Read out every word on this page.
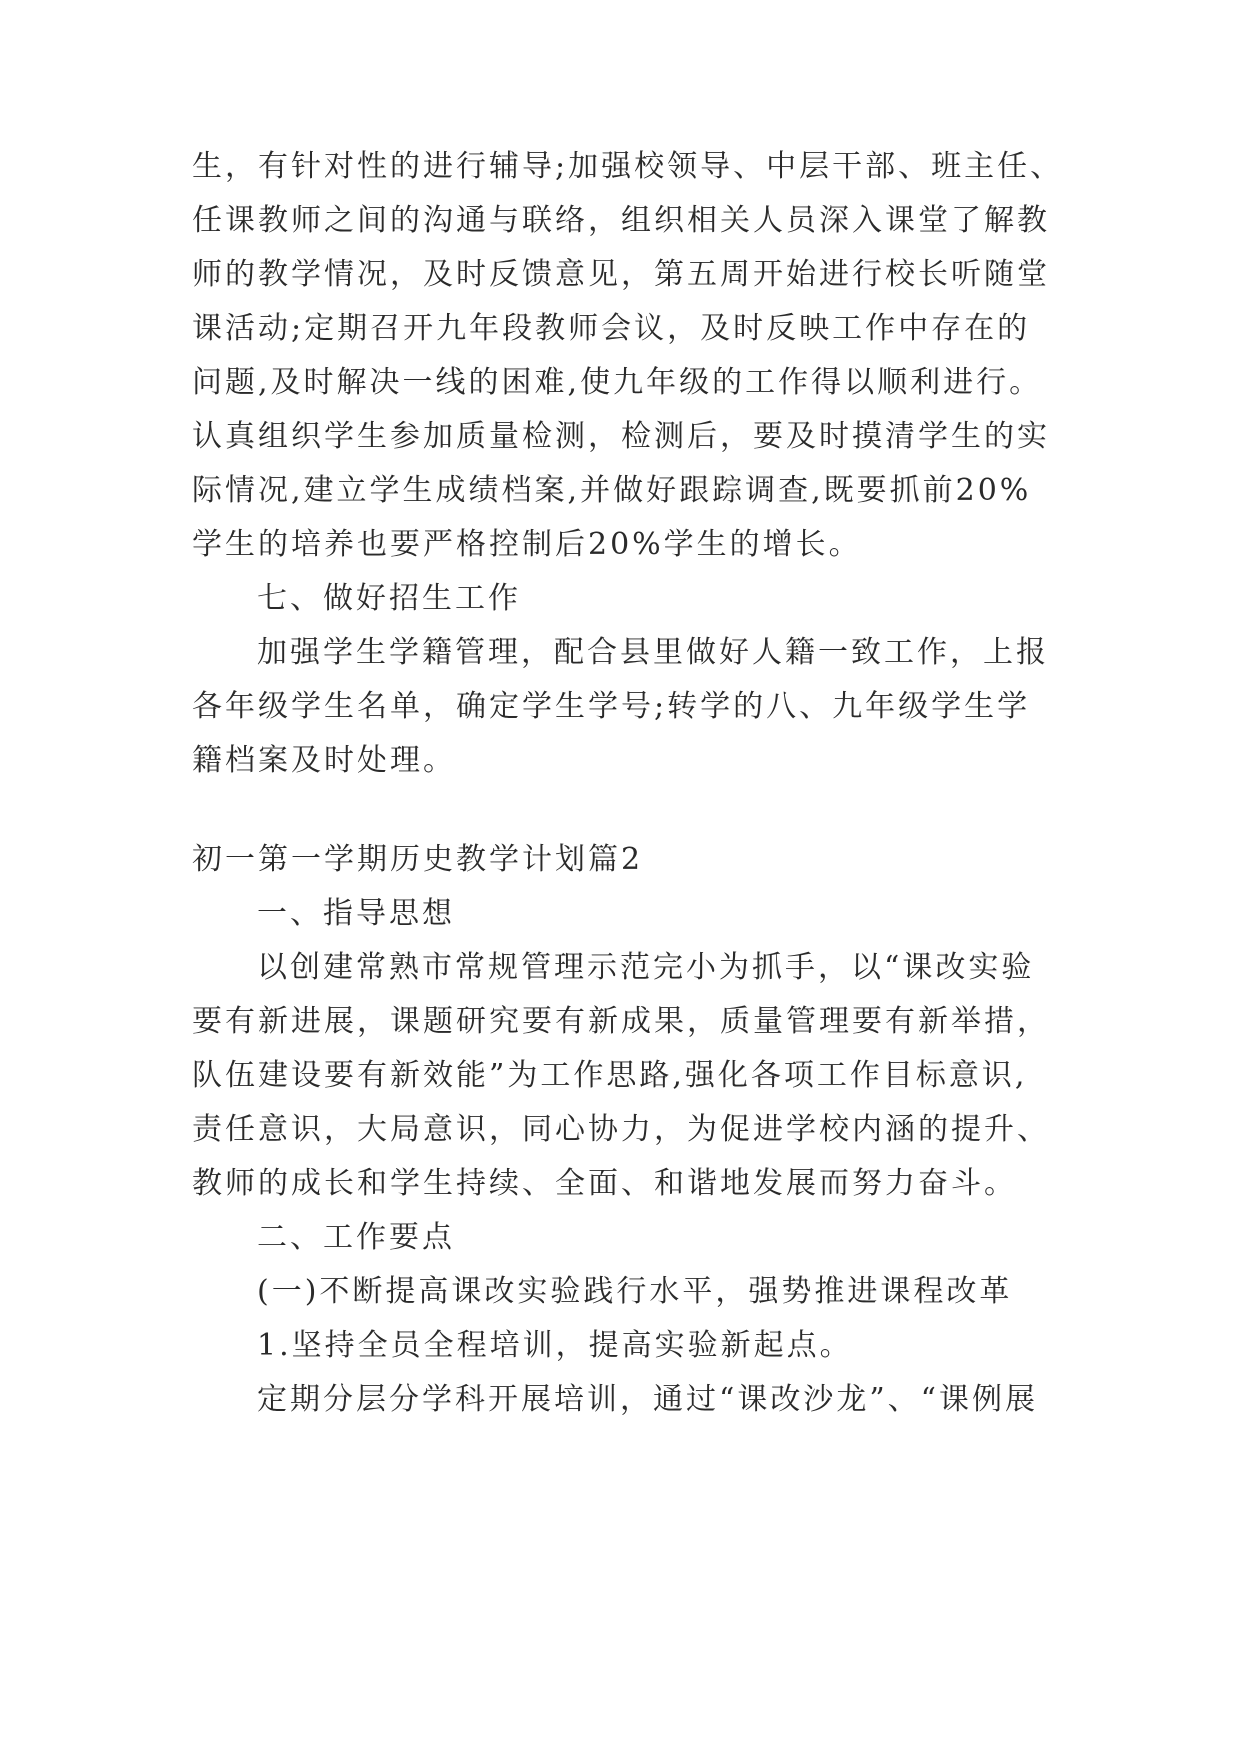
生，有针对性的进行辅导;加强校领导、中层干部、班主任、

任课教师之间的沟通与联络，组织相关人员深入课堂了解教

师的教学情况，及时反馈意见，第五周开始进行校长听随堂

课活动;定期召开九年段教师会议，及时反映工作中存在的

问题,及时解决一线的困难,使九年级的工作得以顺利进行。

认真组织学生参加质量检测，检测后，要及时摸清学生的实

际情况,建立学生成绩档案,并做好跟踪调查,既要抓前20%

学生的培养也要严格控制后20%学生的增长。

七、做好招生工作

加强学生学籍管理，配合县里做好人籍一致工作，上报

各年级学生名单，确定学生学号;转学的八、九年级学生学

籍档案及时处理。

初一第一学期历史教学计划篇2

一、指导思想

以创建常熟市常规管理示范完小为抓手，以“课改实验

要有新进展，课题研究要有新成果，质量管理要有新举措，

队伍建设要有新效能”为工作思路,强化各项工作目标意识,

责任意识，大局意识，同心协力，为促进学校内涵的提升、

教师的成长和学生持续、全面、和谐地发展而努力奋斗。

二、工作要点

(一)不断提高课改实验践行水平，强势推进课程改革

1.坚持全员全程培训，提高实验新起点。

定期分层分学科开展培训，通过“课改沙龙”、“课例展
